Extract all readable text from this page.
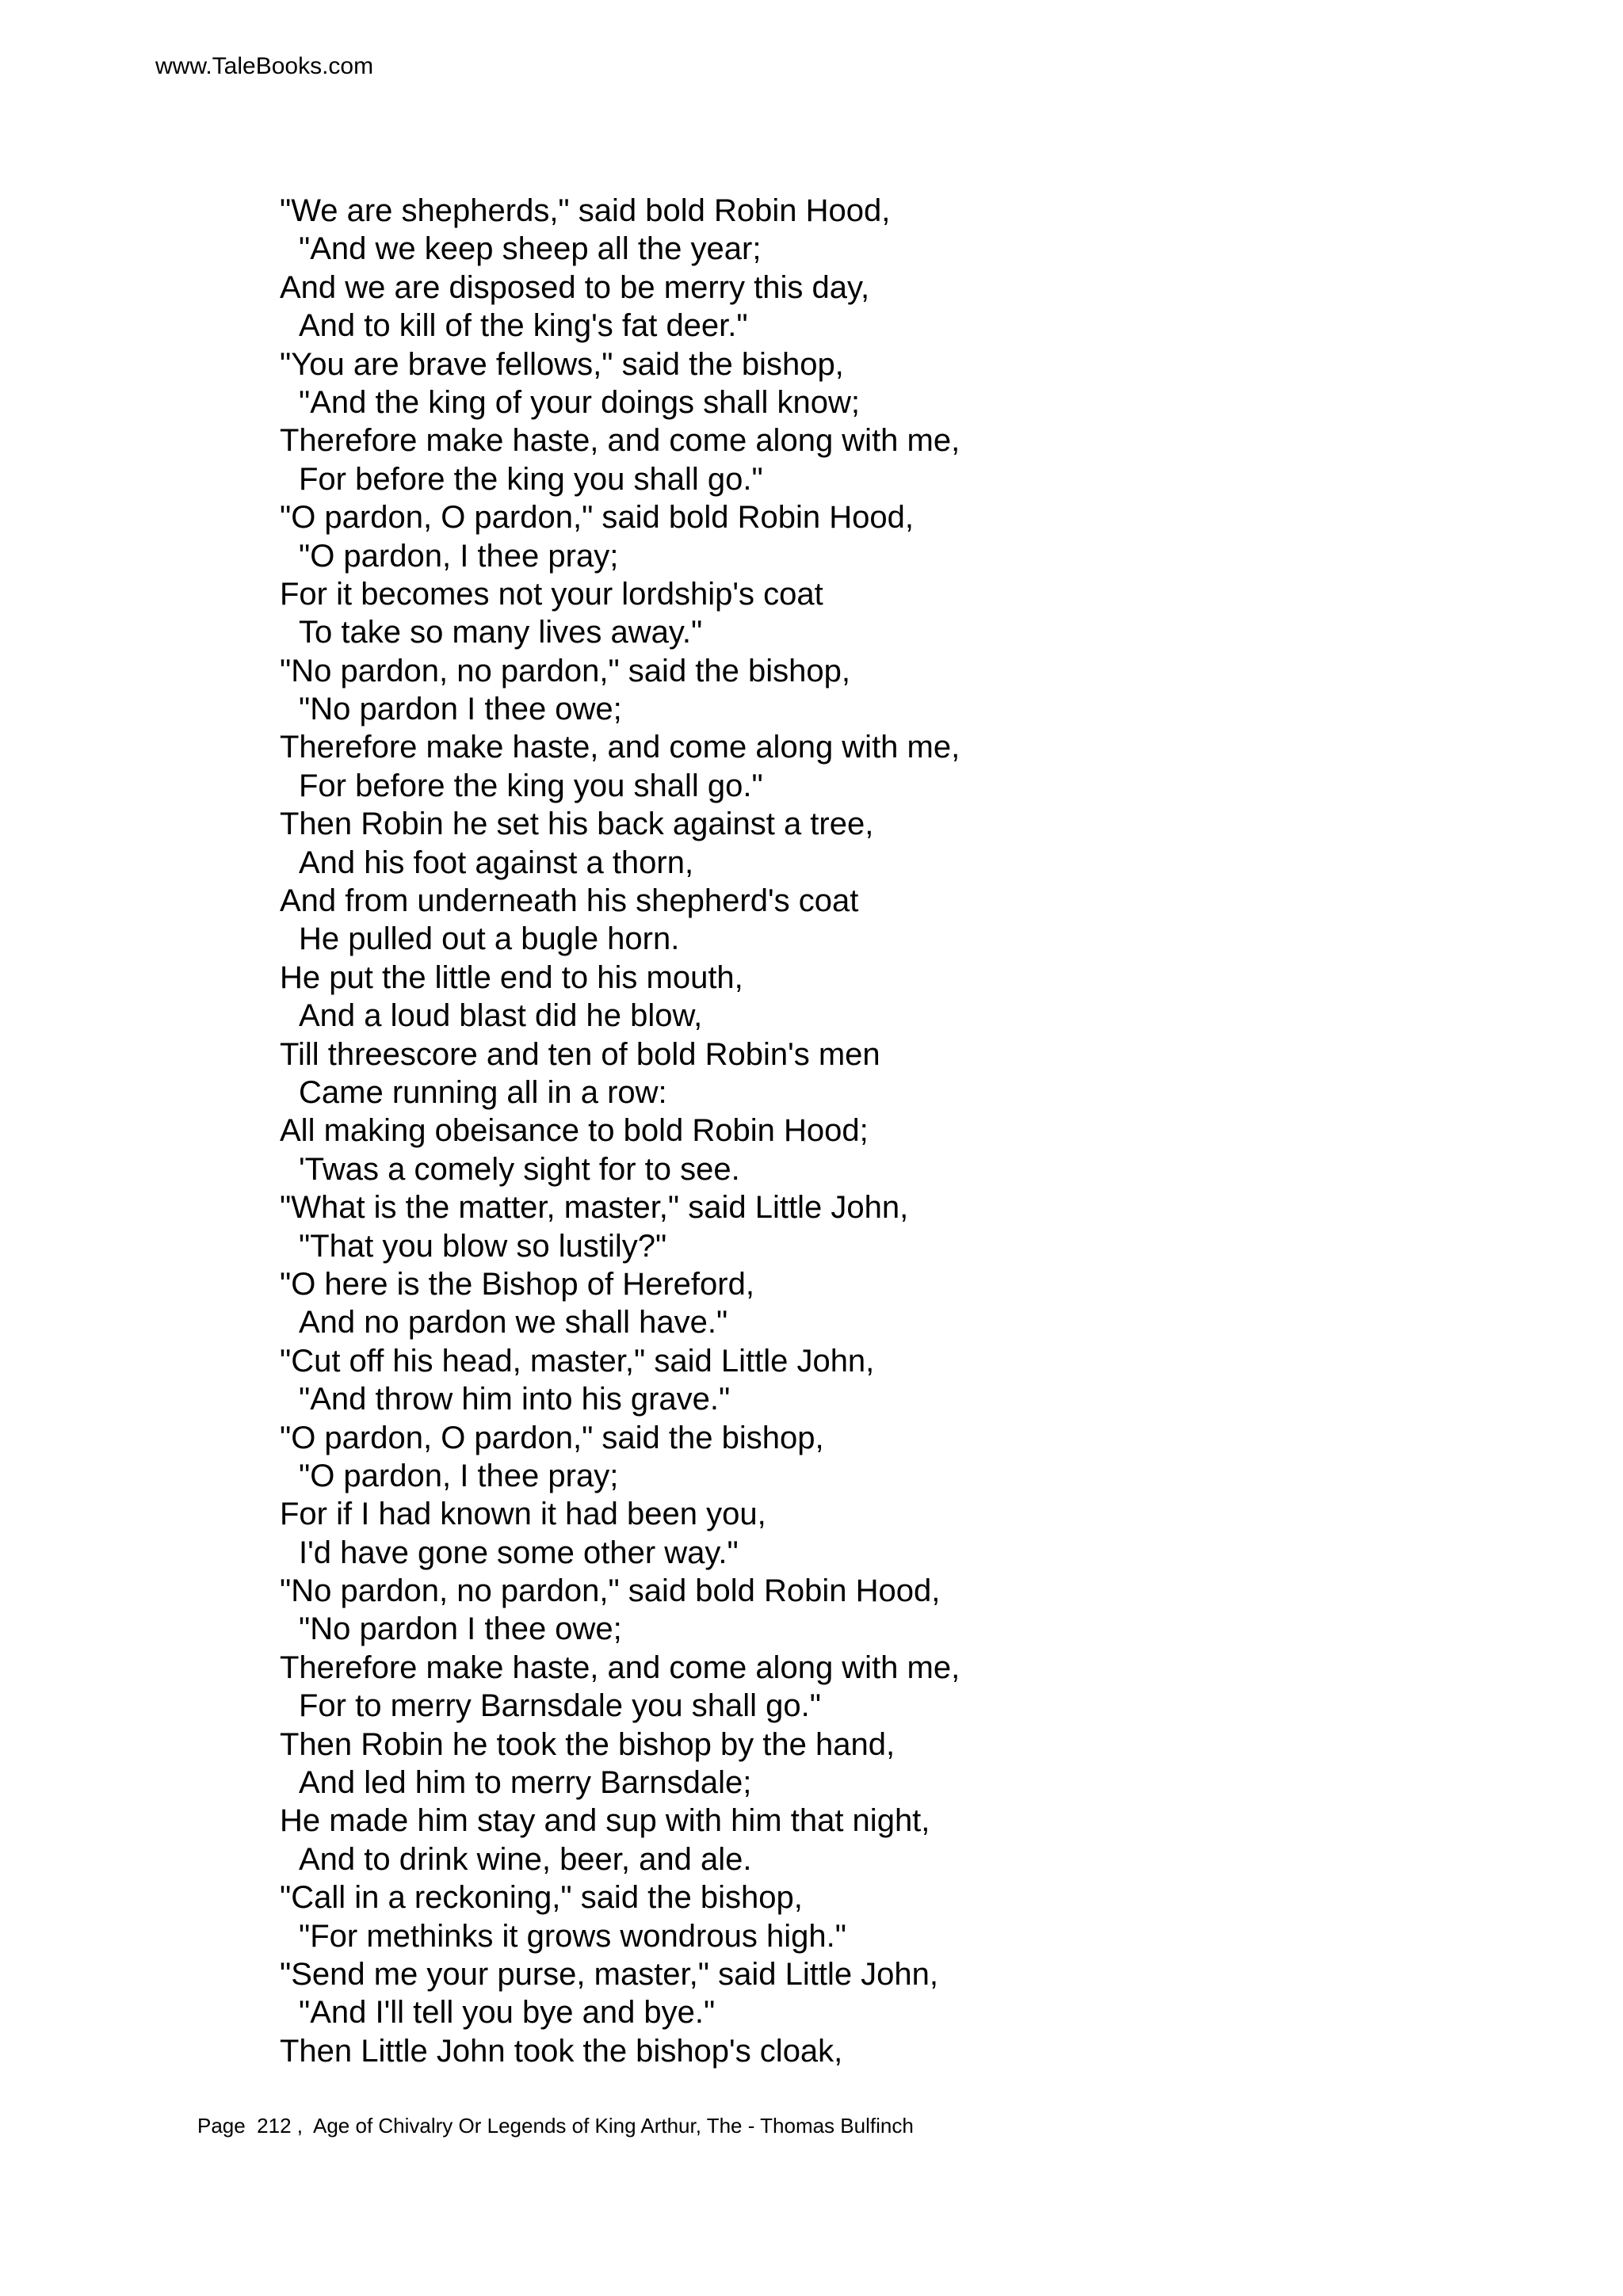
www.TaleBooks.com
"We are shepherds," said bold Robin Hood,
"And we keep sheep all the year;
And we are disposed to be merry this day,
And to kill of the king's fat deer."
"You are brave fellows," said the bishop,
"And the king of your doings shall know;
Therefore make haste, and come along with me,
For before the king you shall go."
"O pardon, O pardon," said bold Robin Hood,
"O pardon, I thee pray;
For it becomes not your lordship's coat
To take so many lives away."
"No pardon, no pardon," said the bishop,
"No pardon I thee owe;
Therefore make haste, and come along with me,
For before the king you shall go."
Then Robin he set his back against a tree,
And his foot against a thorn,
And from underneath his shepherd's coat
He pulled out a bugle horn.
He put the little end to his mouth,
And a loud blast did he blow,
Till threescore and ten of bold Robin's men
Came running all in a row:
All making obeisance to bold Robin Hood;
'Twas a comely sight for to see.
"What is the matter, master," said Little John,
"That you blow so lustily?"
"O here is the Bishop of Hereford,
And no pardon we shall have."
"Cut off his head, master," said Little John,
"And throw him into his grave."
"O pardon, O pardon," said the bishop,
"O pardon, I thee pray;
For if I had known it had been you,
I'd have gone some other way."
"No pardon, no pardon," said bold Robin Hood,
"No pardon I thee owe;
Therefore make haste, and come along with me,
For to merry Barnsdale you shall go."
Then Robin he took the bishop by the hand,
And led him to merry Barnsdale;
He made him stay and sup with him that night,
And to drink wine, beer, and ale.
"Call in a reckoning," said the bishop,
"For methinks it grows wondrous high."
"Send me your purse, master," said Little John,
"And I'll tell you bye and bye."
Then Little John took the bishop's cloak,
Page  212 ,  Age of Chivalry Or Legends of King Arthur, The - Thomas Bulfinch
